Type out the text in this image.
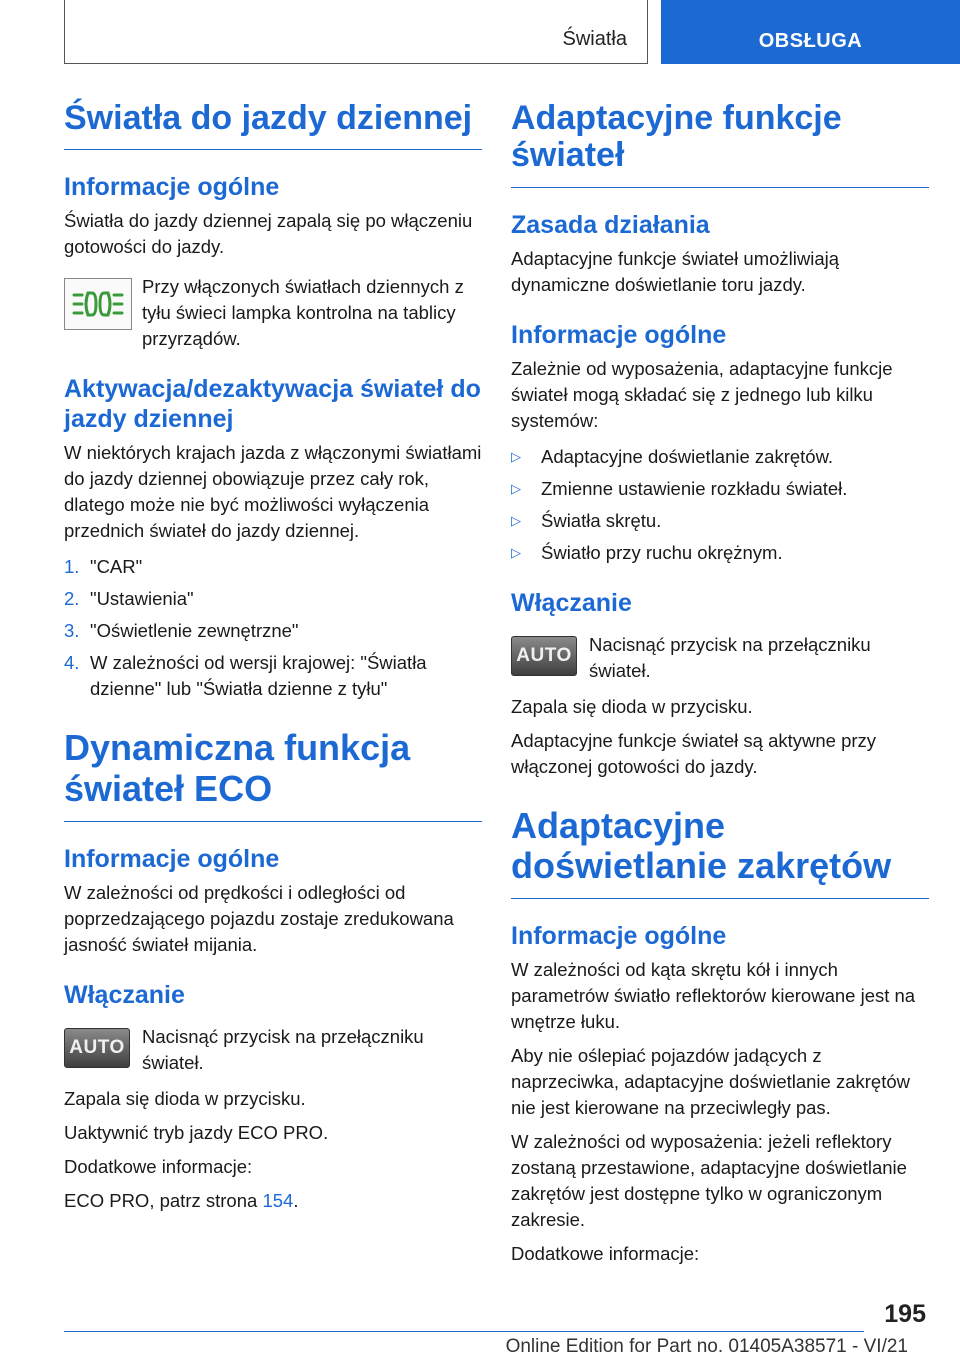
Światła	OBSŁUGA
Światła do jazdy dziennej
Informacje ogólne

Światła do jazdy dziennej zapalą się po włączeniu gotowości do jazdy.

Przy włączonych światłach dziennych z tyłu świeci lampka kontrolna na tablicy przyrządów.
Aktywacja/dezaktywacja świateł do jazdy dziennej

W niektórych krajach jazda z włączonymi światłami do jazdy dziennej obowiązuje przez cały rok, dlatego może nie być możliwości wyłączenia przednich świateł do jazdy dziennej.

1. "CAR"
2. "Ustawienia"
3. "Oświetlenie zewnętrzne"
4. W zależności od wersji krajowej: "Światła dzienne" lub "Światła dzienne z tyłu"
Dynamiczna funkcja świateł ECO
Informacje ogólne

W zależności od prędkości i odległości od poprzedzającego pojazdu zostaje zredukowana jasność świateł mijania.

Włączanie
AUTO
Nacisnąć przycisk na przełączniku świateł.

Zapala się dioda w przycisku.

Uaktywnić tryb jazdy ECO PRO.

Dodatkowe informacje:

ECO PRO, patrz strona 154.

Adaptacyjne funkcje świateł
Zasada działania

Adaptacyjne funkcje świateł umożliwiają dynamiczne doświetlanie toru jazdy.

Informacje ogólne

Zależnie od wyposażenia, adaptacyjne funkcje świateł mogą składać się z jednego lub kilku systemów:

▷	Adaptacyjne doświetlanie zakrętów.
▷	Zmienne ustawienie rozkładu świateł.
▷	Światła skrętu.
▷	Światło przy ruchu okrężnym.
Włączanie
AUTO
Nacisnąć przycisk na przełączniku świateł.

Zapala się dioda w przycisku.

Adaptacyjne funkcje świateł są aktywne przy włączonej gotowości do jazdy.

Adaptacyjne doświetlanie zakrętów
Informacje ogólne

W zależności od kąta skrętu kół i innych parametrów światło reflektorów kierowane jest na wnętrze łuku.

Aby nie oślepiać pojazdów jadących z naprzeciwka, adaptacyjne doświetlanie zakrętów nie jest kierowane na przeciwległy pas.

W zależności od wyposażenia: jeżeli reflektory zostaną przestawione, adaptacyjne doświetlanie zakrętów jest dostępne tylko w ograniczonym zakresie.

Dodatkowe informacje:

195
Online Edition for Part no. 01405A38571 - VI/21
